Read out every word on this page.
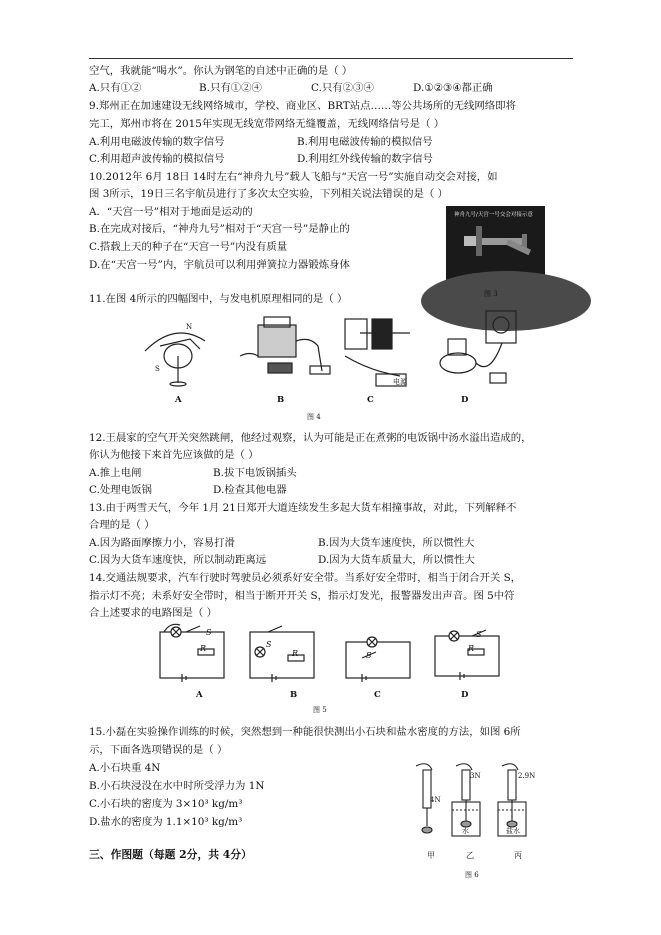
空气，我就能“喝水”。你认为钢笔的自述中正确的是（ ）
A.只有①②	B.只有①②④	C.只有②③④	D.①②③④都正确
9.郑州正在加速建设无线网络城市，学校、商业区、BRT站点……等公共场所的无线网络即将
完工，郑州市将在 2015年实现无线宽带网络无缝覆盖，无线网络信号是（ ）
A.利用电磁波传输的数字信号	B.利用电磁波传输的模拟信号
C.利用超声波传输的模拟信号	D.利用红外线传输的数字信号
10.2012年 6月 18日 14时左右“神舟九号”载人飞船与“天宫一号”实施自动交会对接，如
图 3所示，19日三名宇航员进行了多次太空实验，下列相关说法错误的是（ ）
A．“天宫一号”相对于地面是运动的
B.在完成对接后，“神舟九号”相对于“天宫一号”是静止的
C.搭载上天的种子在“天宫一号”内没有质量
D.在“天宫一号”内，宇航员可以利用弹簧拉力器锻炼身体
神舟九号/天宫一号交会对接示意
图 3
11.在图 4所示的四幅图中，与发电机原理相同的是（ ）
N
S
电源
A	B	C	D
图 4
12.王晨家的空气开关突然跳闸，他经过观察，认为可能是正在煮粥的电饭锅中汤水溢出造成的，
你认为他接下来首先应该做的是（ ）
A.推上电闸	B.拔下电饭锅插头
C.处理电饭锅	D.检查其他电器
13.由于两雪天气，今年 1月 21日郑开大道连续发生多起大货车相撞事故，对此，下列解释不
合理的是（ ）
A.因为路面摩擦力小，容易打滑	B.因为大货车速度快，所以惯性大
C.因为大货车速度快，所以制动距离远	D.因为大货车质量大，所以惯性大
14.交通法规要求，汽车行驶时驾驶员必须系好安全带。当系好安全带时，相当于闭合开关 S，
指示灯不亮；未系好安全带时，相当于断开开关 S，指示灯发光，报警器发出声音。图 5中符
合上述要求的电路图是（ ）
S
R	S
R	S
S
R
A	B	C	D
图 5
15.小磊在实验操作训练的时候，突然想到一种能很快测出小石块和盐水密度的方法，如图 6所
示，下面各选项错误的是（ ）
A.小石块重 4N
B.小石块浸没在水中时所受浮力为 1N
C.小石块的密度为 3×10³ kg/m³
D.盐水的密度为 1.1×10³ kg/m³
4N
3N	2.9N
水	盐水
甲	乙	丙
图 6
三、作图题（每题 2分，共 4分）
